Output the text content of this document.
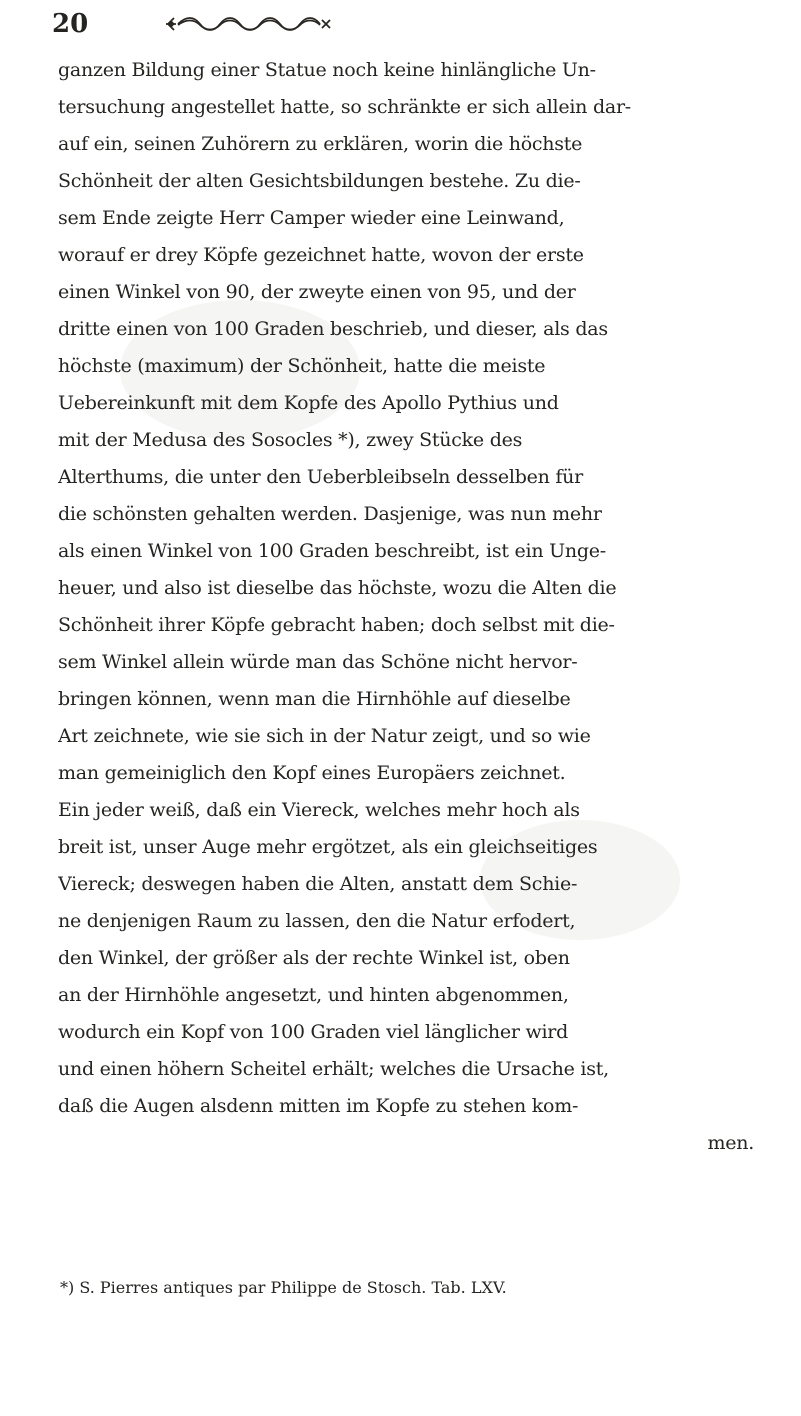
20
ganzen Bildung einer Statue noch keine hinlängliche Un-
tersuchung angestellet hatte, so schränkte er sich allein dar-
auf ein, seinen Zuhörern zu erklären, worin die höchste
Schönheit der alten Gesichtsbildungen bestehe. Zu die-
sem Ende zeigte Herr Camper wieder eine Leinwand,
worauf er drey Köpfe gezeichnet hatte, wovon der erste
einen Winkel von 90, der zweyte einen von 95, und der
dritte einen von 100 Graden beschrieb, und dieser, als das
höchste (maximum) der Schönheit, hatte die meiste
Uebereinkunft mit dem Kopfe des Apollo Pythius und
mit der Medusa des Sosocles *), zwey Stücke des
Alterthums, die unter den Ueberbleibseln desselben für
die schönsten gehalten werden. Dasjenige, was nun mehr
als einen Winkel von 100 Graden beschreibt, ist ein Unge-
heuer, und also ist dieselbe das höchste, wozu die Alten die
Schönheit ihrer Köpfe gebracht haben; doch selbst mit die-
sem Winkel allein würde man das Schöne nicht hervor-
bringen können, wenn man die Hirnhöhle auf dieselbe
Art zeichnete, wie sie sich in der Natur zeigt, und so wie
man gemeiniglich den Kopf eines Europäers zeichnet.
Ein jeder weiß, daß ein Viereck, welches mehr hoch als
breit ist, unser Auge mehr ergötzet, als ein gleichseitiges
Viereck; deswegen haben die Alten, anstatt dem Schie-
ne denjenigen Raum zu lassen, den die Natur erfodert,
den Winkel, der größer als der rechte Winkel ist, oben
an der Hirnhöhle angesetzt, und hinten abgenommen,
wodurch ein Kopf von 100 Graden viel länglicher wird
und einen höhern Scheitel erhält; welches die Ursache ist,
daß die Augen alsdenn mitten im Kopfe zu stehen kom-
men.
*) S. Pierres antiques par Philippe de Stosch. Tab. LXV.
